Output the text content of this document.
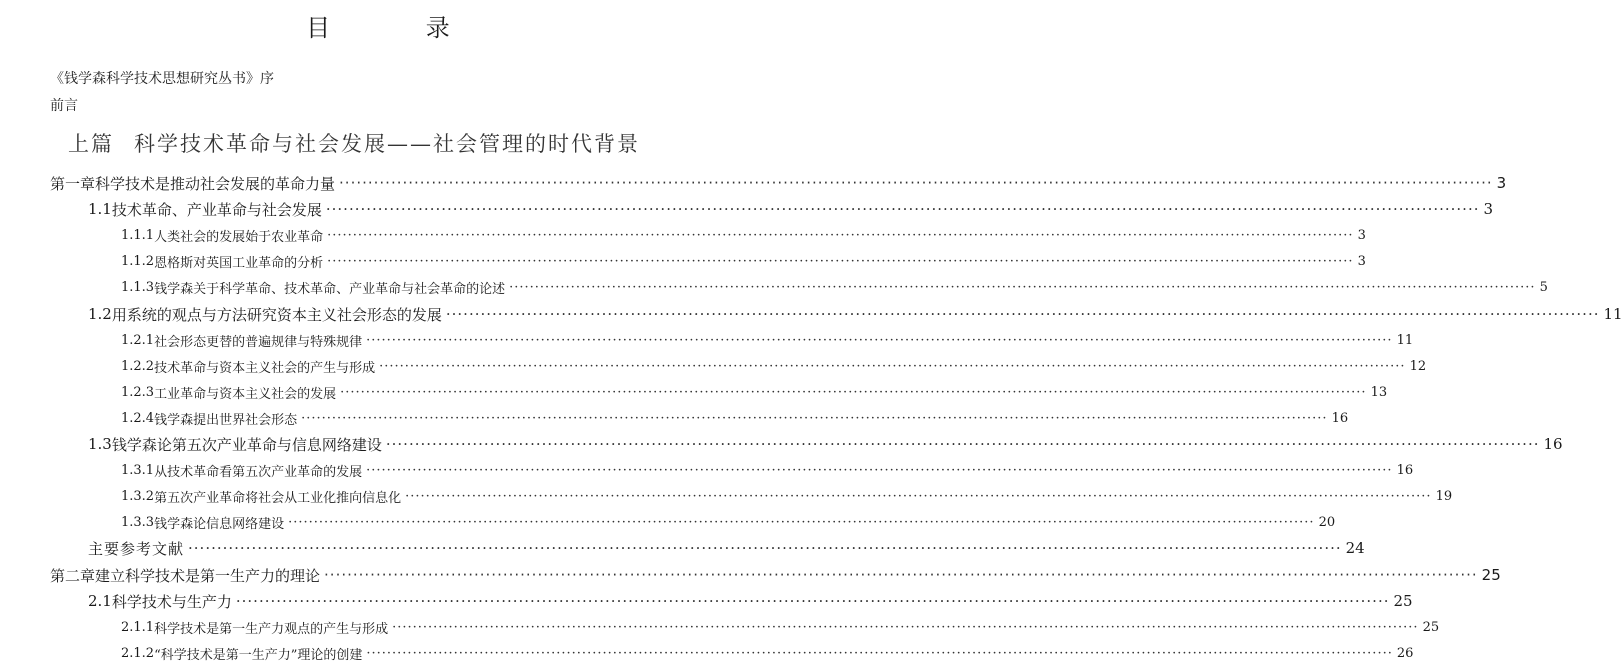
目 录
《钱学森科学技术思想研究丛书》序
前言
上篇 科学技术革命与社会发展——社会管理的时代背景
第一章 科学技术是推动社会发展的革命力量 ········································································································································································································ 3
1.1 技术革命、产业革命与社会发展 ········································································································································································································ 3
1.1.1 人类社会的发展始于农业革命 ········································································································································································································ 3
1.1.2 恩格斯对英国工业革命的分析 ········································································································································································································ 3
1.1.3 钱学森关于科学革命、技术革命、产业革命与社会革命的论述 ········································································································································································································ 5
1.2 用系统的观点与方法研究资本主义社会形态的发展 ········································································································································································································ 11
1.2.1 社会形态更替的普遍规律与特殊规律 ········································································································································································································ 11
1.2.2 技术革命与资本主义社会的产生与形成 ········································································································································································································ 12
1.2.3 工业革命与资本主义社会的发展 ········································································································································································································ 13
1.2.4 钱学森提出世界社会形态 ········································································································································································································ 16
1.3 钱学森论第五次产业革命与信息网络建设 ········································································································································································································ 16
1.3.1 从技术革命看第五次产业革命的发展 ········································································································································································································ 16
1.3.2 第五次产业革命将社会从工业化推向信息化 ········································································································································································································ 19
1.3.3 钱学森论信息网络建设 ········································································································································································································ 20
主要参考文献 ········································································································································································································ 24
第二章 建立科学技术是第一生产力的理论 ········································································································································································································ 25
2.1 科学技术与生产力 ········································································································································································································ 25
2.1.1 科学技术是第一生产力观点的产生与形成 ········································································································································································································ 25
2.1.2 “科学技术是第一生产力”理论的创建 ········································································································································································································ 26
